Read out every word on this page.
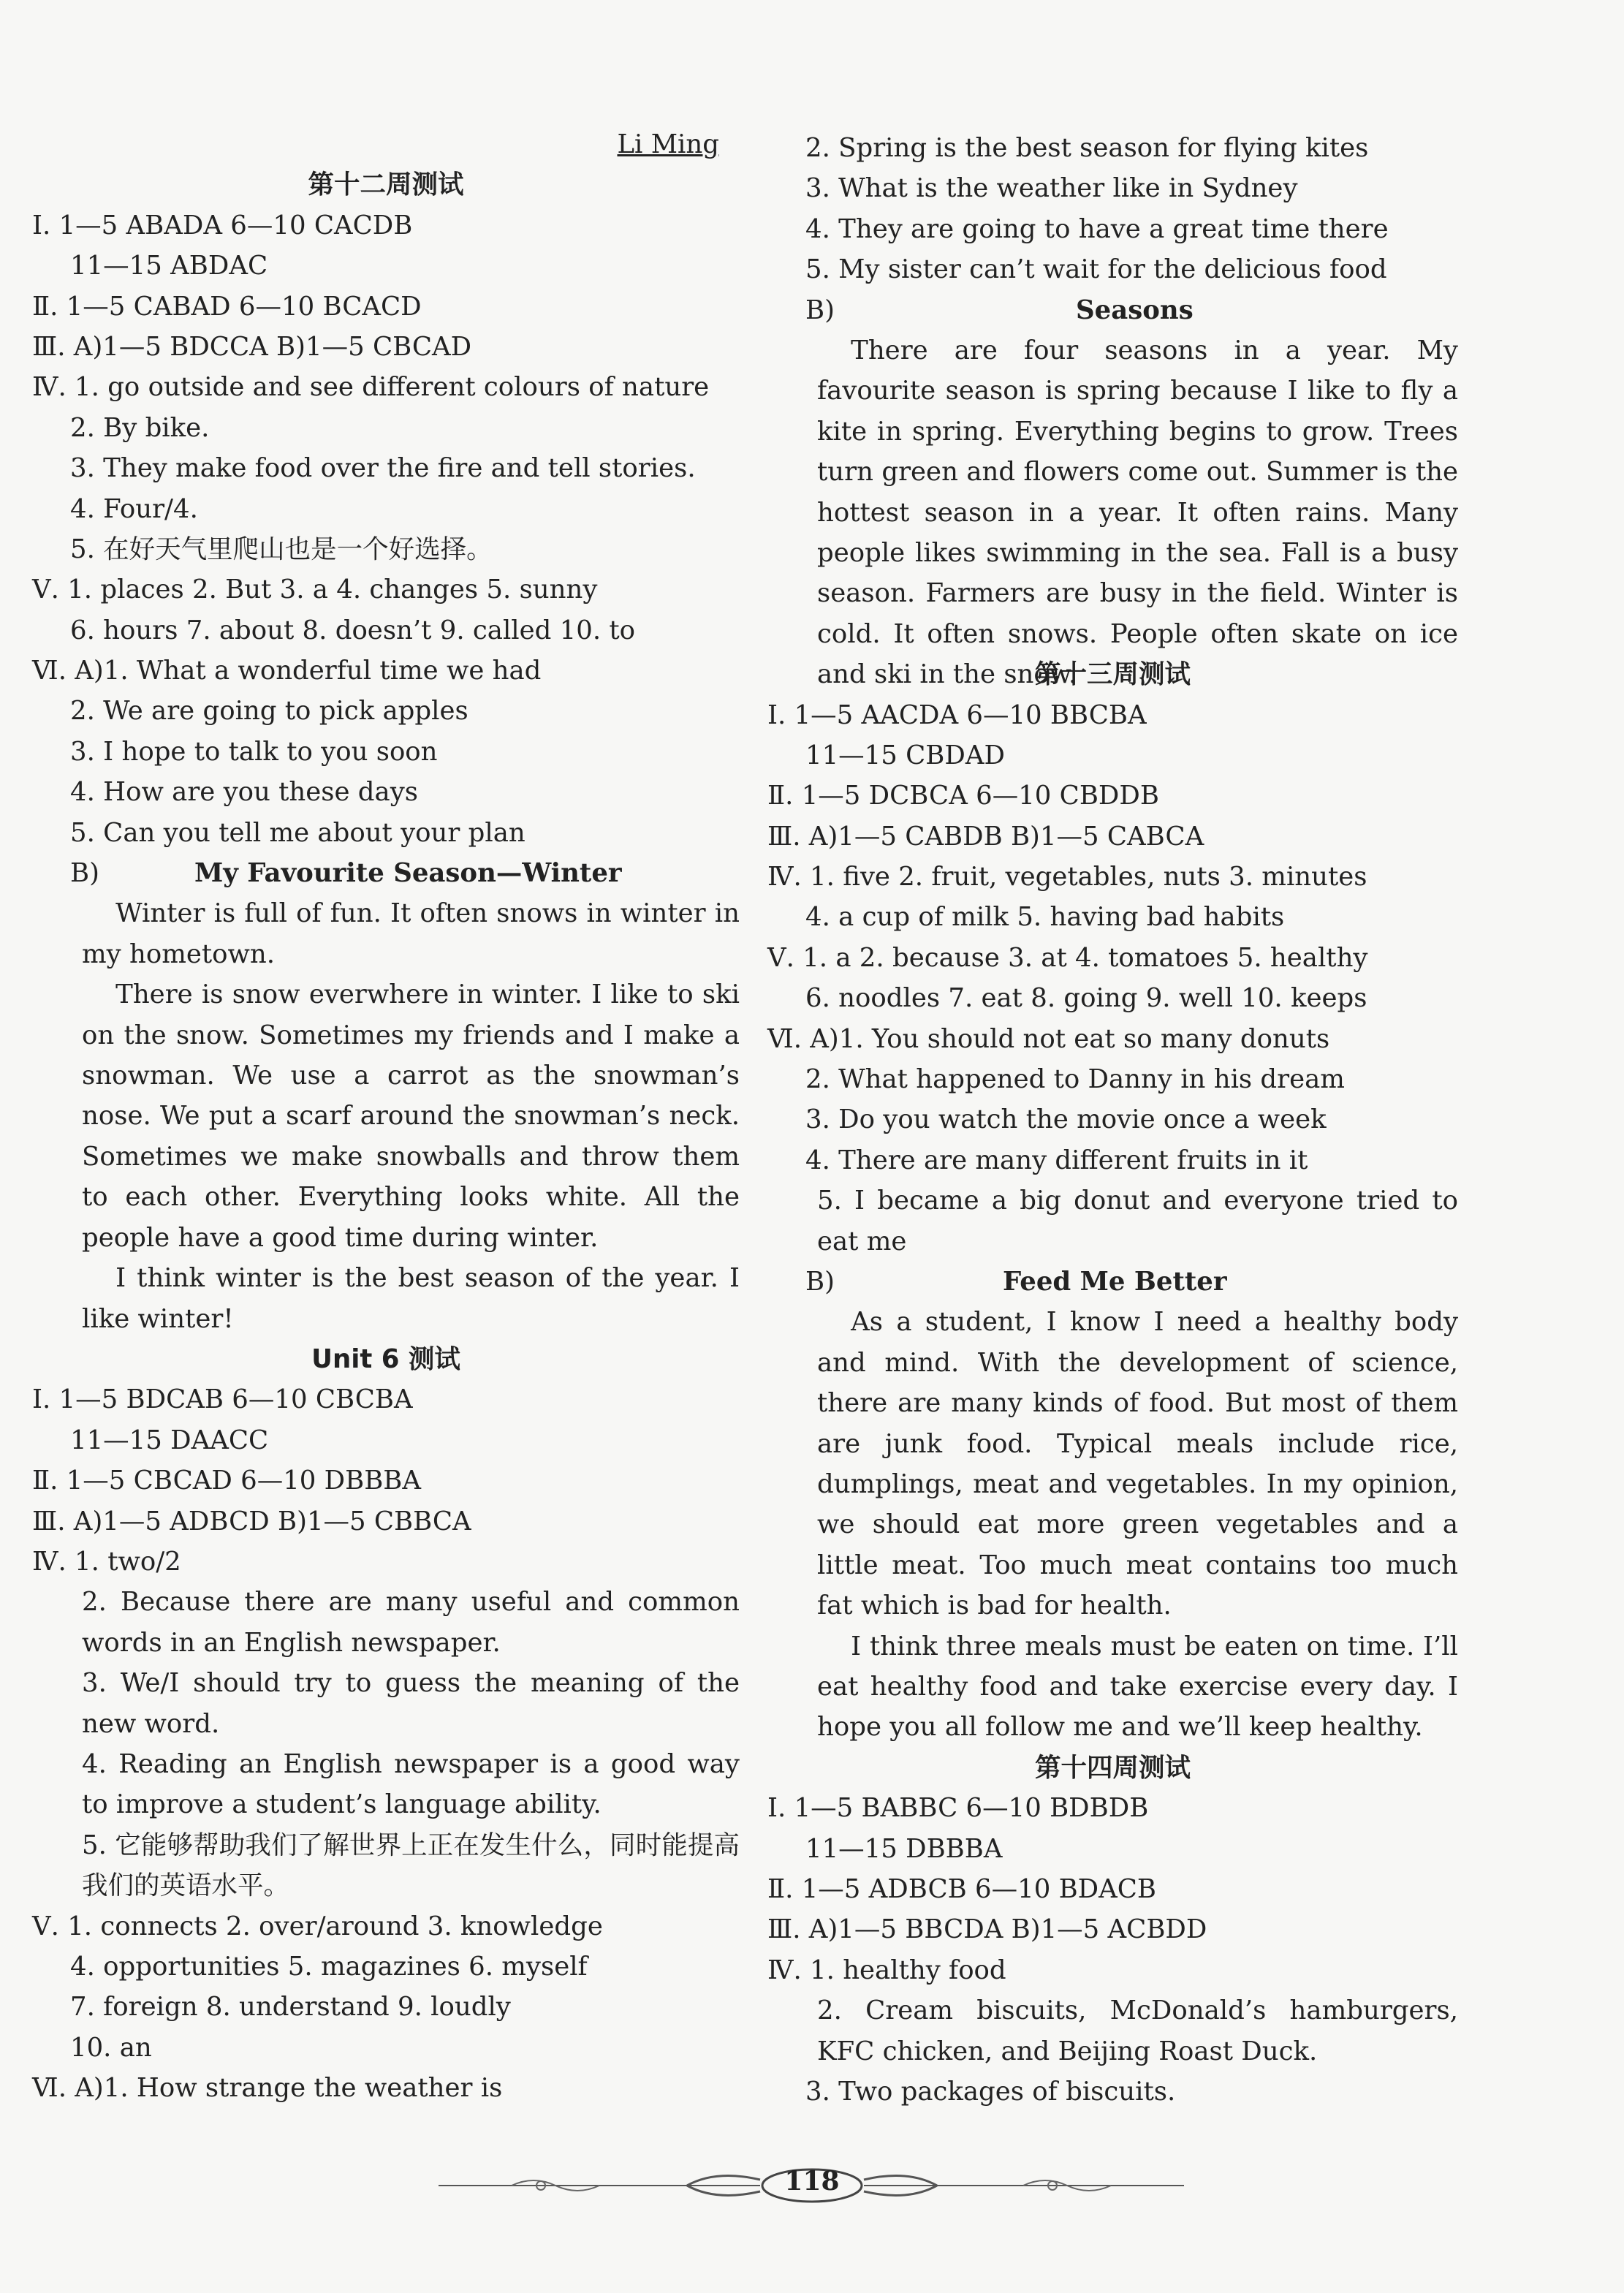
Li Ming
第十二周测试
Ⅰ. 1—5 ABADA 6—10 CACDB
11—15 ABDAC
Ⅱ. 1—5 CABAD 6—10 BCACD
Ⅲ. A)1—5 BDCCA B)1—5 CBCAD
Ⅳ. 1. go outside and see different colours of nature
2. By bike.
3. They make food over the fire and tell stories.
4. Four/4.
5. 在好天气里爬山也是一个好选择。
Ⅴ. 1. places 2. But 3. a 4. changes 5. sunny
6. hours 7. about 8. doesn’t 9. called 10. to
Ⅵ. A)1. What a wonderful time we had
2. We are going to pick apples
3. I hope to talk to you soon
4. How are you these days
5. Can you tell me about your plan
B)	My Favourite Season—Winter
Winter is full of fun. It often snows in winter in my hometown.
There is snow everwhere in winter. I like to ski on the snow. Sometimes my friends and I make a snowman. We use a carrot as the snowman’s nose. We put a scarf around the snowman’s neck. Sometimes we make snowballs and throw them to each other. Everything looks white. All the people have a good time during winter.
I think winter is the best season of the year. I like winter!
Unit 6 测试
Ⅰ. 1—5 BDCAB 6—10 CBCBA
11—15 DAACC
Ⅱ. 1—5 CBCAD 6—10 DBBBA
Ⅲ. A)1—5 ADBCD B)1—5 CBBCA
Ⅳ. 1. two/2
2. Because there are many useful and common words in an English newspaper.
3. We/I should try to guess the meaning of the new word.
4. Reading an English newspaper is a good way to improve a student’s language ability.
5. 它能够帮助我们了解世界上正在发生什么，同时能提高我们的英语水平。
Ⅴ. 1. connects 2. over/around 3. knowledge
4. opportunities 5. magazines 6. myself
7. foreign 8. understand 9. loudly
10. an
Ⅵ. A)1. How strange the weather is
2. Spring is the best season for flying kites
3. What is the weather like in Sydney
4. They are going to have a great time there
5. My sister can’t wait for the delicious food
B)	Seasons
There are four seasons in a year. My favourite season is spring because I like to fly a kite in spring. Everything begins to grow. Trees turn green and flowers come out. Summer is the hottest season in a year. It often rains. Many people likes swimming in the sea. Fall is a busy season. Farmers are busy in the field. Winter is cold. It often snows. People often skate on ice and ski in the snow.
第十三周测试
Ⅰ. 1—5 AACDA 6—10 BBCBA
11—15 CBDAD
Ⅱ. 1—5 DCBCA 6—10 CBDDB
Ⅲ. A)1—5 CABDB B)1—5 CABCA
Ⅳ. 1. five 2. fruit, vegetables, nuts 3. minutes
4. a cup of milk 5. having bad habits
Ⅴ. 1. a 2. because 3. at 4. tomatoes 5. healthy
6. noodles 7. eat 8. going 9. well 10. keeps
Ⅵ. A)1. You should not eat so many donuts
2. What happened to Danny in his dream
3. Do you watch the movie once a week
4. There are many different fruits in it
5. I became a big donut and everyone tried to eat me
B)	Feed Me Better
As a student, I know I need a healthy body and mind. With the development of science, there are many kinds of food. But most of them are junk food. Typical meals include rice, dumplings, meat and vegetables. In my opinion, we should eat more green vegetables and a little meat. Too much meat contains too much fat which is bad for health.
I think three meals must be eaten on time. I’ll eat healthy food and take exercise every day. I hope you all follow me and we’ll keep healthy.
第十四周测试
Ⅰ. 1—5 BABBC 6—10 BDBDB
11—15 DBBBA
Ⅱ. 1—5 ADBCB 6—10 BDACB
Ⅲ. A)1—5 BBCDA B)1—5 ACBDD
Ⅳ. 1. healthy food
2. Cream biscuits, McDonald’s hamburgers, KFC chicken, and Beijing Roast Duck.
3. Two packages of biscuits.
118
